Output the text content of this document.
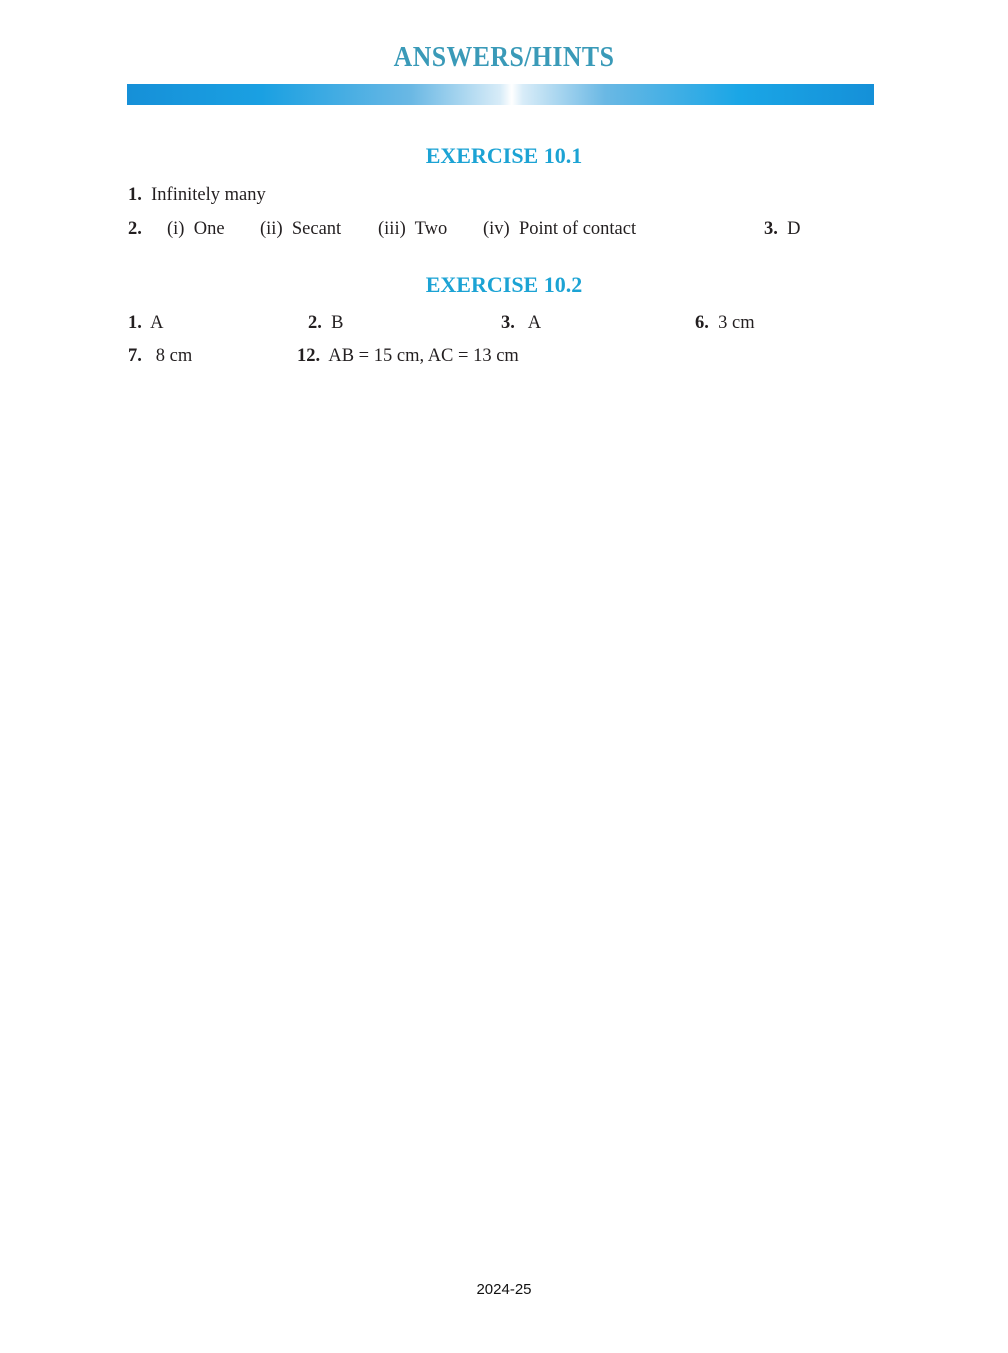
ANSWERS/HINTS
EXERCISE 10.1
1. Infinitely many
2. (i) One (ii) Secant (iii) Two (iv) Point of contact	3. D
EXERCISE 10.2
1. A	2. B	3. A	6. 3 cm
7. 8 cm	12. AB = 15 cm, AC = 13 cm
2024-25
